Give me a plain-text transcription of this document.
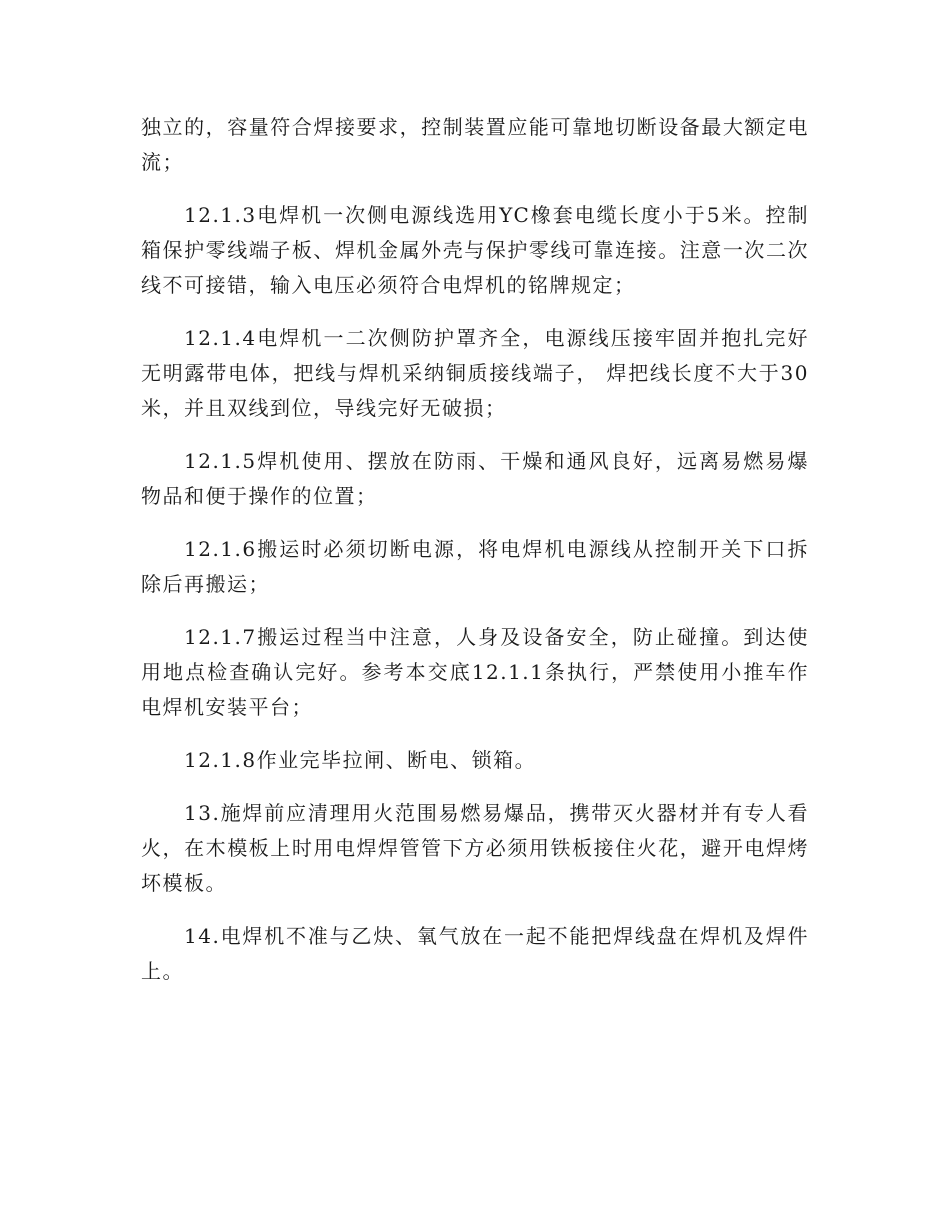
独立的，容量符合焊接要求，控制装置应能可靠地切断设备最大额定电流；

12.1.3电焊机一次侧电源线选用YC橡套电缆长度小于5米。控制箱保护零线端子板、焊机金属外壳与保护零线可靠连接。注意一次二次线不可接错，输入电压必须符合电焊机的铭牌规定；

12.1.4电焊机一二次侧防护罩齐全，电源线压接牢固并抱扎完好无明露带电体，把线与焊机采纳铜质接线端子， 焊把线长度不大于30米，并且双线到位，导线完好无破损；

12.1.5焊机使用、摆放在防雨、干燥和通风良好，远离易燃易爆物品和便于操作的位置；

12.1.6搬运时必须切断电源，将电焊机电源线从控制开关下口拆除后再搬运；

12.1.7搬运过程当中注意，人身及设备安全，防止碰撞。到达使用地点检查确认完好。参考本交底12.1.1条执行，严禁使用小推车作电焊机安装平台；

12.1.8作业完毕拉闸、断电、锁箱。

13.施焊前应清理用火范围易燃易爆品，携带灭火器材并有专人看火，在木模板上时用电焊焊管管下方必须用铁板接住火花，避开电焊烤坏模板。

14.电焊机不准与乙炔、氧气放在一起不能把焊线盘在焊机及焊件上。
